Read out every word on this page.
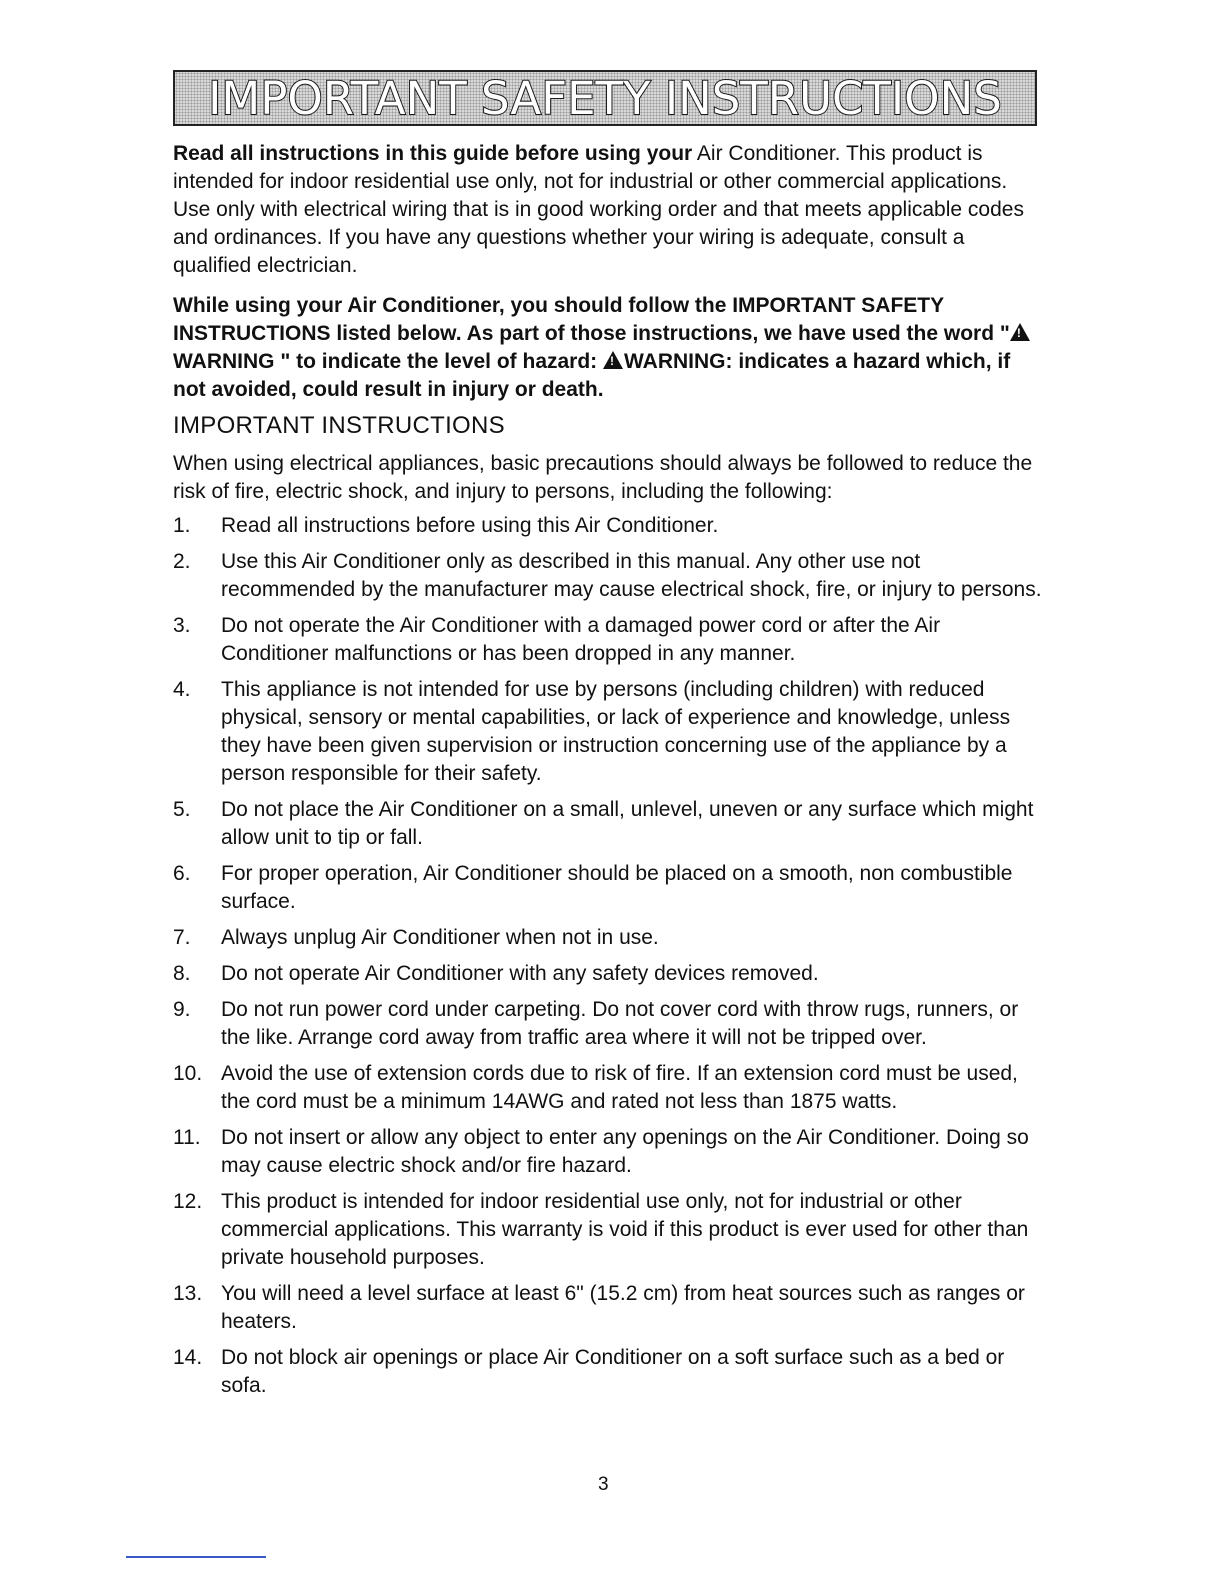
IMPORTANT SAFETY INSTRUCTIONS

Read all instructions in this guide before using your Air Conditioner. This product is intended for indoor residential use only, not for industrial or other commercial applications. Use only with electrical wiring that is in good working order and that meets applicable codes and ordinances. If you have any questions whether your wiring is adequate, consult a qualified electrician.

While using your Air Conditioner, you should follow the IMPORTANT SAFETY INSTRUCTIONS listed below. As part of those instructions, we have used the word "!WARNING " to indicate the level of hazard: !WARNING: indicates a hazard which, if not avoided, could result in injury or death.

IMPORTANT INSTRUCTIONS

When using electrical appliances, basic precautions should always be followed to reduce the risk of fire, electric shock, and injury to persons, including the following:

1. Read all instructions before using this Air Conditioner.
2. Use this Air Conditioner only as described in this manual. Any other use not recommended by the manufacturer may cause electrical shock, fire, or injury to persons.
3. Do not operate the Air Conditioner with a damaged power cord or after the Air Conditioner malfunctions or has been dropped in any manner.
4. This appliance is not intended for use by persons (including children) with reduced physical, sensory or mental capabilities, or lack of experience and knowledge, unless they have been given supervision or instruction concerning use of the appliance by a person responsible for their safety.
5. Do not place the Air Conditioner on a small, unlevel, uneven or any surface which might allow unit to tip or fall.
6. For proper operation, Air Conditioner should be placed on a smooth, non combustible surface.
7. Always unplug Air Conditioner when not in use.
8. Do not operate Air Conditioner with any safety devices removed.
9. Do not run power cord under carpeting. Do not cover cord with throw rugs, runners, or the like. Arrange cord away from traffic area where it will not be tripped over.
10. Avoid the use of extension cords due to risk of fire. If an extension cord must be used, the cord must be a minimum 14AWG and rated not less than 1875 watts.
11. Do not insert or allow any object to enter any openings on the Air Conditioner. Doing so may cause electric shock and/or fire hazard.
12. This product is intended for indoor residential use only, not for industrial or other commercial applications. This warranty is void if this product is ever used for other than private household purposes.
13. You will need a level surface at least 6" (15.2 cm) from heat sources such as ranges or heaters.
14. Do not block air openings or place Air Conditioner on a soft surface such as a bed or sofa.
3
